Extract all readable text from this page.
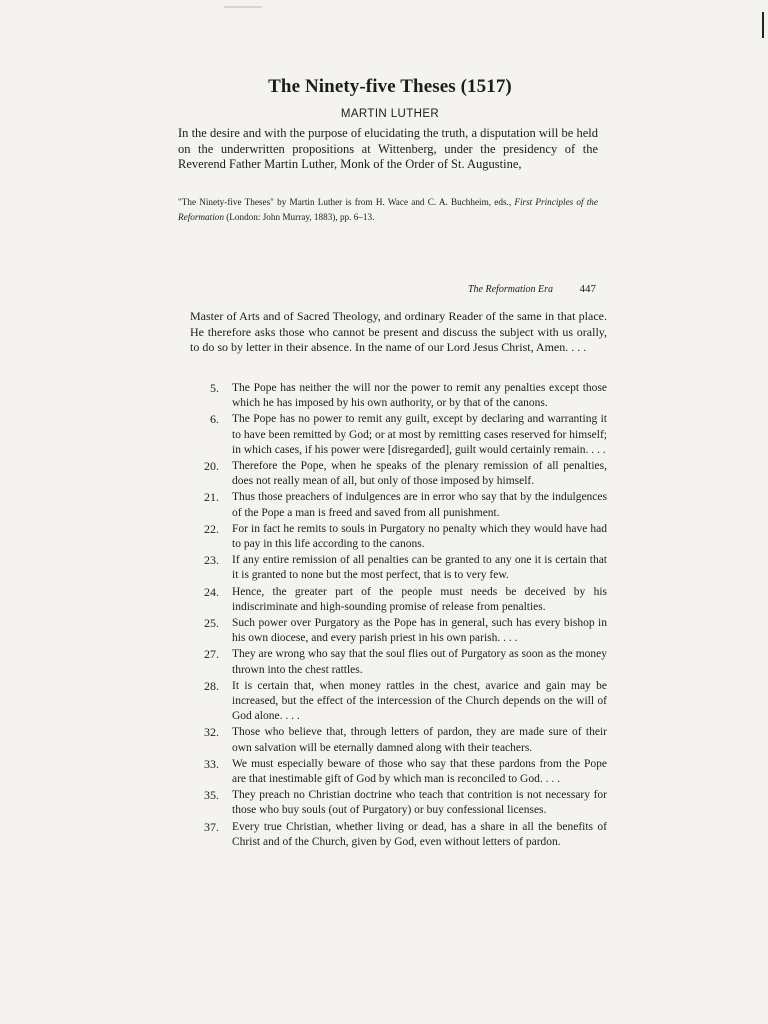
The Ninety-five Theses (1517)

MARTIN LUTHER

In the desire and with the purpose of elucidating the truth, a disputation will be held on the underwritten propositions at Wittenberg, under the presidency of the Reverend Father Martin Luther, Monk of the Order of St. Augustine,

"The Ninety-five Theses" by Martin Luther is from H. Wace and C. A. Buchheim, eds., First Principles of the Reformation (London: John Murray, 1883), pp. 6–13.

The Reformation Era	447

Master of Arts and of Sacred Theology, and ordinary Reader of the same in that place. He therefore asks those who cannot be present and discuss the subject with us orally, to do so by letter in their absence. In the name of our Lord Jesus Christ, Amen. . . .

5.	The Pope has neither the will nor the power to remit any penalties except those which he has imposed by his own authority, or by that of the canons.
6.	The Pope has no power to remit any guilt, except by declaring and warranting it to have been remitted by God; or at most by remitting cases reserved for himself; in which cases, if his power were [disregarded], guilt would certainly remain. . . .
20.	Therefore the Pope, when he speaks of the plenary remission of all penalties, does not really mean of all, but only of those imposed by himself.
21.	Thus those preachers of indulgences are in error who say that by the indulgences of the Pope a man is freed and saved from all punishment.
22.	For in fact he remits to souls in Purgatory no penalty which they would have had to pay in this life according to the canons.
23.	If any entire remission of all penalties can be granted to any one it is certain that it is granted to none but the most perfect, that is to very few.
24.	Hence, the greater part of the people must needs be deceived by his indiscriminate and high-sounding promise of release from penalties.
25.	Such power over Purgatory as the Pope has in general, such has every bishop in his own diocese, and every parish priest in his own parish. . . .
27.	They are wrong who say that the soul flies out of Purgatory as soon as the money thrown into the chest rattles.
28.	It is certain that, when money rattles in the chest, avarice and gain may be increased, but the effect of the intercession of the Church depends on the will of God alone. . . .
32.	Those who believe that, through letters of pardon, they are made sure of their own salvation will be eternally damned along with their teachers.
33.	We must especially beware of those who say that these pardons from the Pope are that inestimable gift of God by which man is reconciled to God. . . .
35.	They preach no Christian doctrine who teach that contrition is not necessary for those who buy souls (out of Purgatory) or buy confessional licenses.
37.	Every true Christian, whether living or dead, has a share in all the benefits of Christ and of the Church, given by God, even without letters of pardon.
